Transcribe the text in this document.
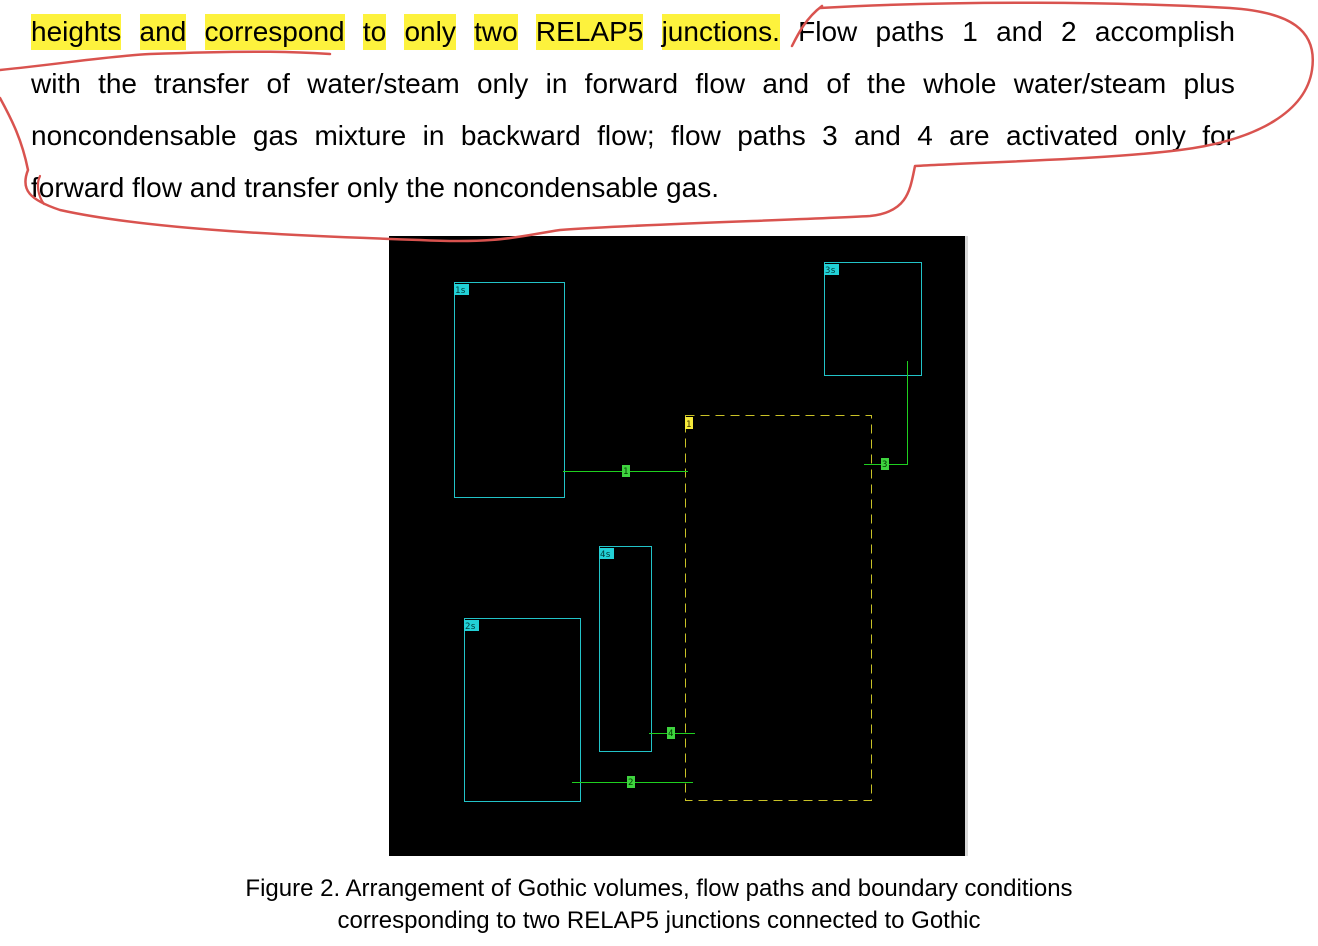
heights and correspond to only two RELAP5 junctions. Flow paths 1 and 2 accomplish
with the transfer of water/steam only in forward flow and of the whole water/steam plus
noncondensable gas mixture in backward flow; flow paths 3 and 4 are activated only for
forward flow and transfer only the noncondensable gas.
1s
3s
4s
2s
1
1
3
4
2
Figure 2. Arrangement of Gothic volumes, flow paths and boundary conditions
corresponding to two RELAP5 junctions connected to Gothic
